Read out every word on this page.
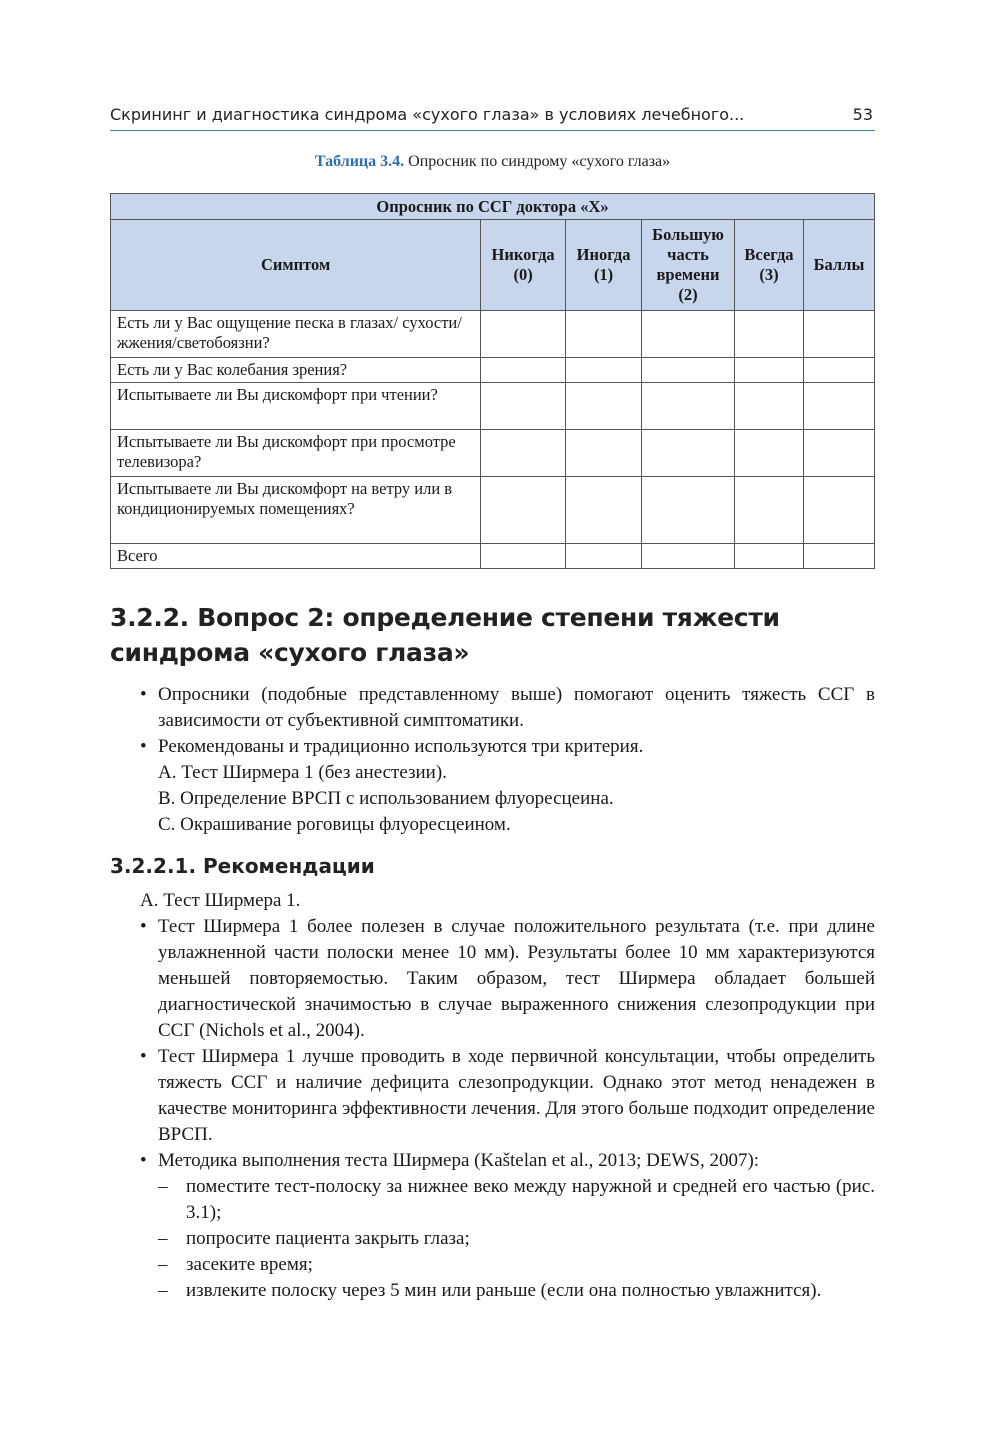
Скрининг и диагностика синдрома «сухого глаза» в условиях лечебного...	53
Таблица 3.4. Опросник по синдрому «сухого глаза»
Опросник по ССГ доктора «Х»					
Симптом	Никогда (0)	Иногда (1)	Большую часть времени (2)	Всегда (3)	Баллы
Есть ли у Вас ощущение песка в глазах/ сухости/жжения/светобоязни?					
Есть ли у Вас колебания зрения?					
Испытываете ли Вы дискомфорт при чтении?					
Испытываете ли Вы дискомфорт при просмотре телевизора?					
Испытываете ли Вы дискомфорт на ветру или в кондиционируемых помещениях?					
Всего					
3.2.2. Вопрос 2: определение степени тяжести синдрома «сухого глаза»
• Опросники (подобные представленному выше) помогают оценить тяжесть ССГ в зависимости от субъективной симптоматики.
• Рекомендованы и традиционно используются три критерия.
A. Тест Ширмера 1 (без анестезии).
B. Определение ВРСП с использованием флуоресцеина.
C. Окрашивание роговицы флуоресцеином.
3.2.2.1. Рекомендации
А. Тест Ширмера 1.
• Тест Ширмера 1 более полезен в случае положительного результата (т.е. при длине увлажненной части полоски менее 10 мм). Результаты более 10 мм характеризуются меньшей повторяемостью. Таким образом, тест Ширмера обладает большей диагностической значимостью в случае выраженного снижения слезопродукции при ССГ (Nichols et al., 2004).
• Тест Ширмера 1 лучше проводить в ходе первичной консультации, чтобы определить тяжесть ССГ и наличие дефицита слезопродукции. Однако этот метод ненадежен в качестве мониторинга эффективности лечения. Для этого больше подходит определение ВРСП.
• Методика выполнения теста Ширмера (Kaštelan et al., 2013; DEWS, 2007):
– поместите тест-полоску за нижнее веко между наружной и средней его частью (рис. 3.1);
– попросите пациента закрыть глаза;
– засеките время;
– извлеките полоску через 5 мин или раньше (если она полностью увлажнится).
